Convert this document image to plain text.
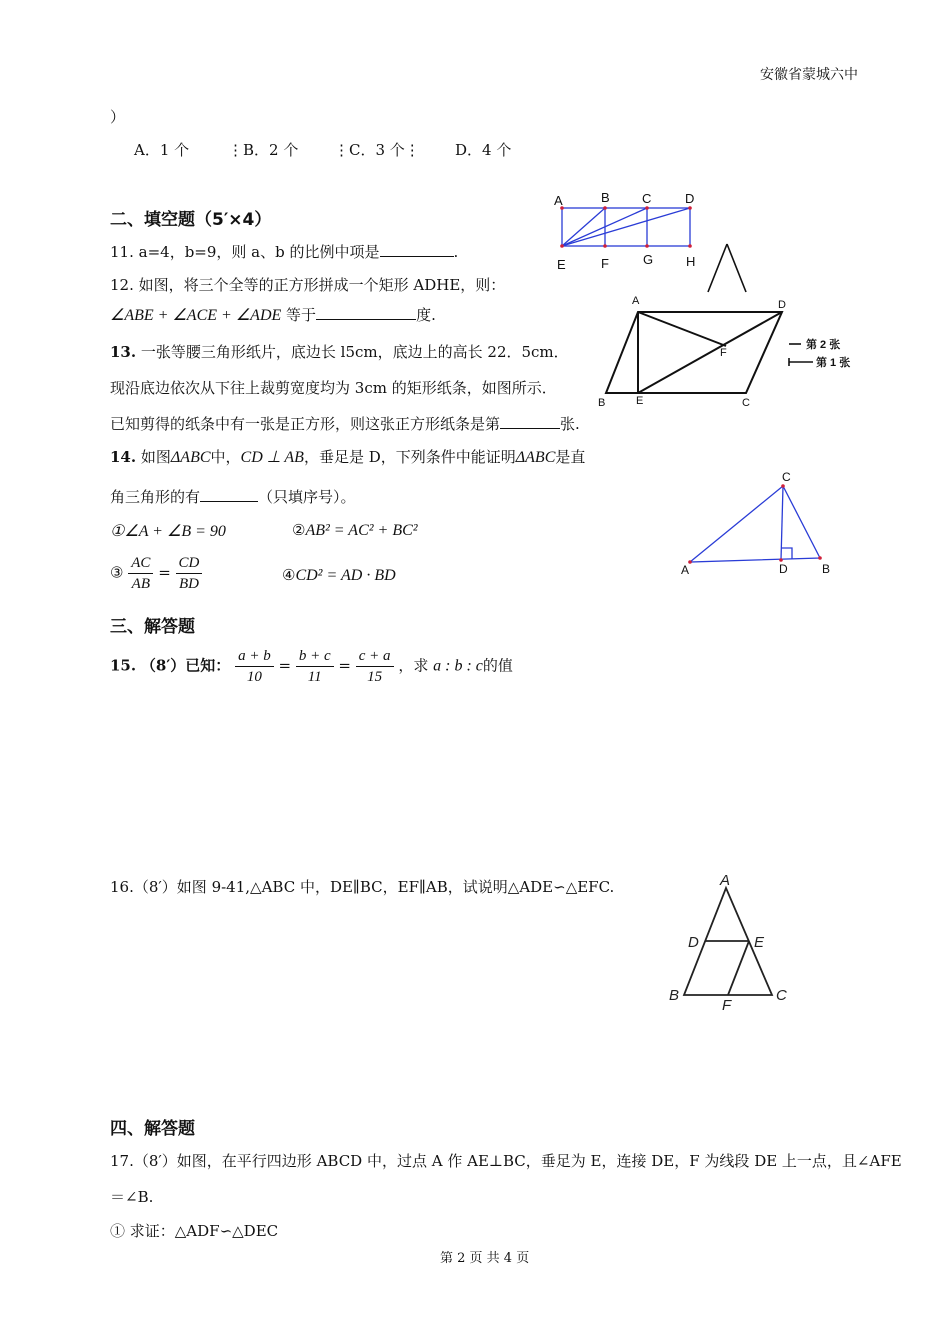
安徽省蒙城六中
）
A．1 个	⋮B．2 个 ⋮C．3 个⋮ D．4 个
二、填空题（5′×4）
11. a=4，b=9，则 a、b 的比例中项是	.
12. 如图，将三个全等的正方形拼成一个矩形 ADHE，则：
∠ABE + ∠ACE + ∠ADE 等于	度.
13. 一张等腰三角形纸片，底边长 l5cm，底边上的高长 22．5cm．
现沿底边依次从下往上裁剪宽度均为 3cm 的矩形纸条，如图所示．
已知剪得的纸条中有一张是正方形，则这张正方形纸条是第	张.
14. 如图ΔABC中，CD ⊥ AB，垂足是 D，下列条件中能证明ΔABC是直
角三角形的有	（只填序号）。
①∠A + ∠B = 90	②AB² = AC² + BC²
③ $\frac{AC}{AB} = \frac{CD}{BD}$	④CD² = AD · BD
三、解答题
15. （8′）已知： $\frac{a + b}{10} = \frac{b + c}{11} = \frac{c + a}{15}$ ，求 a : b : c的值
16.（8′）如图 9-41,△ABC 中，DE∥BC，EF∥AB，试说明△ADE∽△EFC.
四、解答题
17.（8′）如图，在平行四边形 ABCD 中，过点 A 作 AE⊥BC，垂足为 E，连接 DE，F 为线段 DE 上一点，且∠AFE
＝∠B.
① 求证：△ADF∽△DEC
第 2 页 共 4 页
A	B C	D
E	F	G	H
第 2 张
第 1 张
A
B	E	C
D
F
C
A	D	B
A
D	E
B
F
C
